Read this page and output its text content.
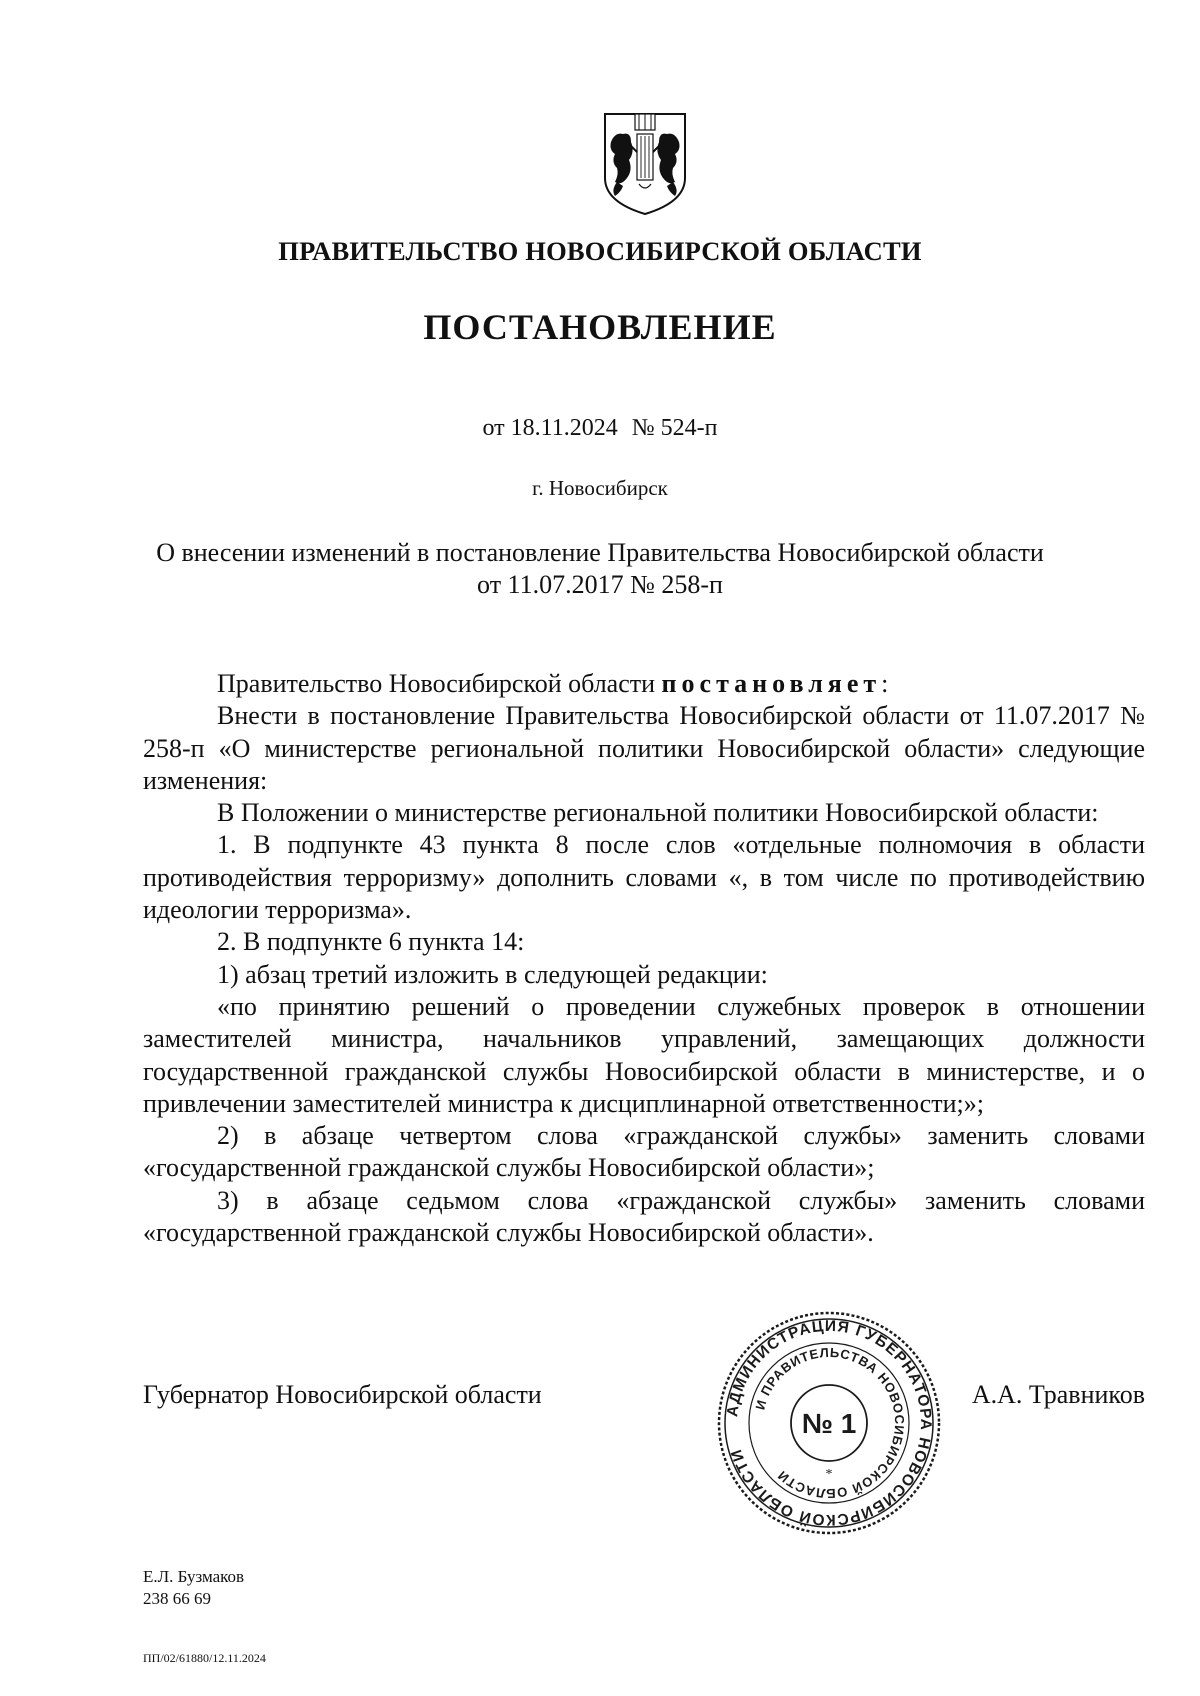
ПРАВИТЕЛЬСТВО НОВОСИБИРСКОЙ ОБЛАСТИ
ПОСТАНОВЛЕНИЕ
от 18.11.2024 № 524-п
г. Новосибирск
О внесении изменений в постановление Правительства Новосибирской области
от 11.07.2017 № 258-п

Правительство Новосибирской области постановляет:

Внести в постановление Правительства Новосибирской области от 11.07.2017 № 258-п «О министерстве региональной политики Новосибирской области» следующие изменения:

В Положении о министерстве региональной политики Новосибирской области:

1. В подпункте 43 пункта 8 после слов «отдельные полномочия в области противодействия терроризму» дополнить словами «, в том числе по противодействию идеологии терроризма».

2. В подпункте 6 пункта 14:

1) абзац третий изложить в следующей редакции:

«по принятию решений о проведении служебных проверок в отношении заместителей министра, начальников управлений, замещающих должности государственной гражданской службы Новосибирской области в министерстве, и о привлечении заместителей министра к дисциплинарной ответственности;»;

2) в абзаце четвертом слова «гражданской службы» заменить словами «государственной гражданской службы Новосибирской области»;

3) в абзаце седьмом слова «гражданской службы» заменить словами «государственной гражданской службы Новосибирской области».

Губернатор Новосибирской области	А.А. Травников
АДМИНИСТРАЦИЯ ГУБЕРНАТОРА НОВОСИБИРСКОЙ ОБЛАСТИ
И ПРАВИТЕЛЬСТВА НОВОСИБИРСКОЙ ОБЛАСТИ
№ 1
*
Е.Л. Бузмаков
238 66 69
ПП/02/61880/12.11.2024
